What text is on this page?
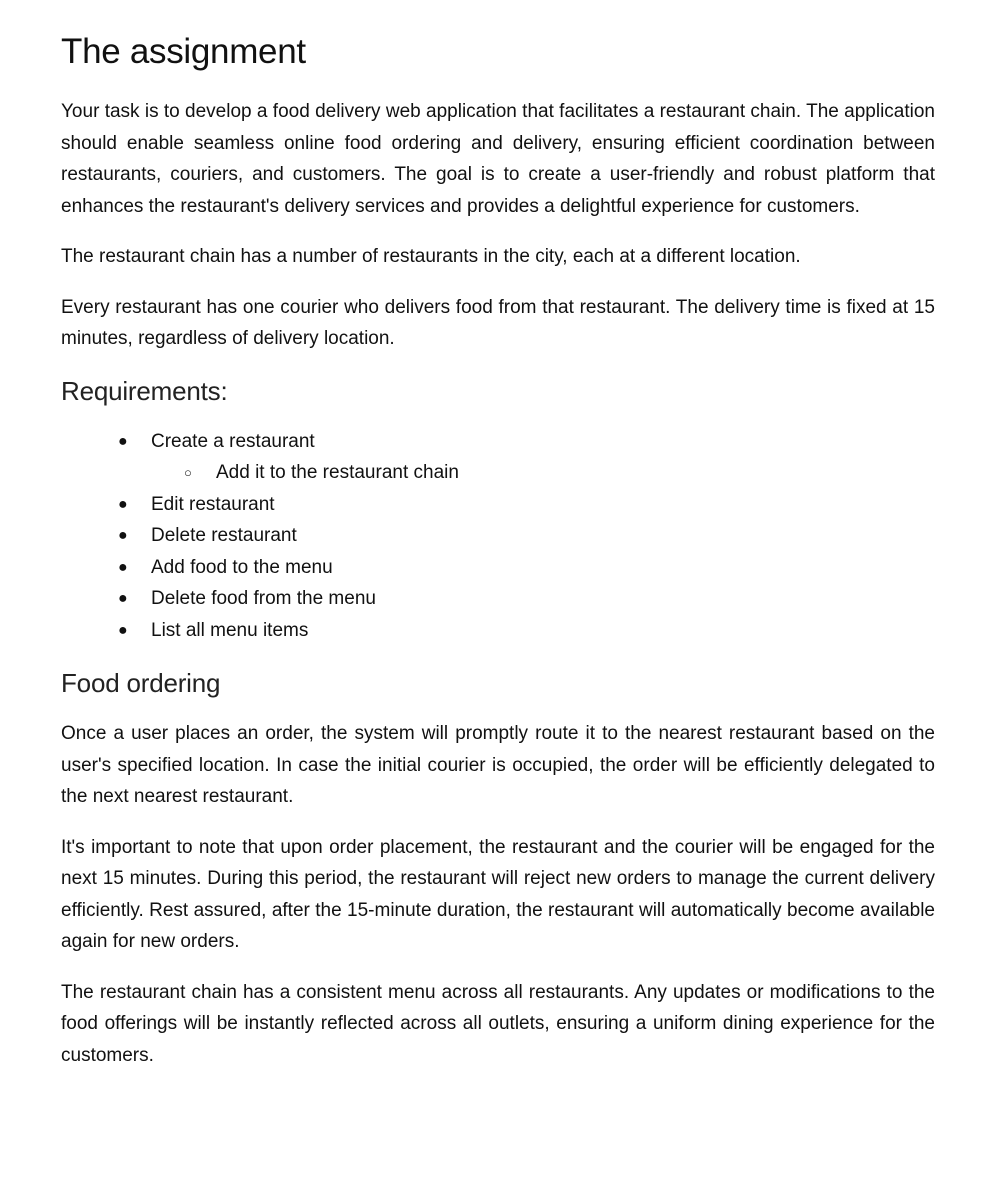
The assignment

Your task is to develop a food delivery web application that facilitates a restaurant chain. The application should enable seamless online food ordering and delivery, ensuring efficient coordination between restaurants, couriers, and customers. The goal is to create a user-friendly and robust platform that enhances the restaurant's delivery services and provides a delightful experience for customers.

The restaurant chain has a number of restaurants in the city, each at a different location.

Every restaurant has one courier who delivers food from that restaurant. The delivery time is fixed at 15 minutes, regardless of delivery location.

Requirements:
● Create a restaurant
○ Add it to the restaurant chain
● Edit restaurant
● Delete restaurant
● Add food to the menu
● Delete food from the menu
● List all menu items
Food ordering

Once a user places an order, the system will promptly route it to the nearest restaurant based on the user's specified location. In case the initial courier is occupied, the order will be efficiently delegated to the next nearest restaurant.

It's important to note that upon order placement, the restaurant and the courier will be engaged for the next 15 minutes. During this period, the restaurant will reject new orders to manage the current delivery efficiently. Rest assured, after the 15-minute duration, the restaurant will automatically become available again for new orders.

The restaurant chain has a consistent menu across all restaurants. Any updates or modifications to the food offerings will be instantly reflected across all outlets, ensuring a uniform dining experience for the customers.
